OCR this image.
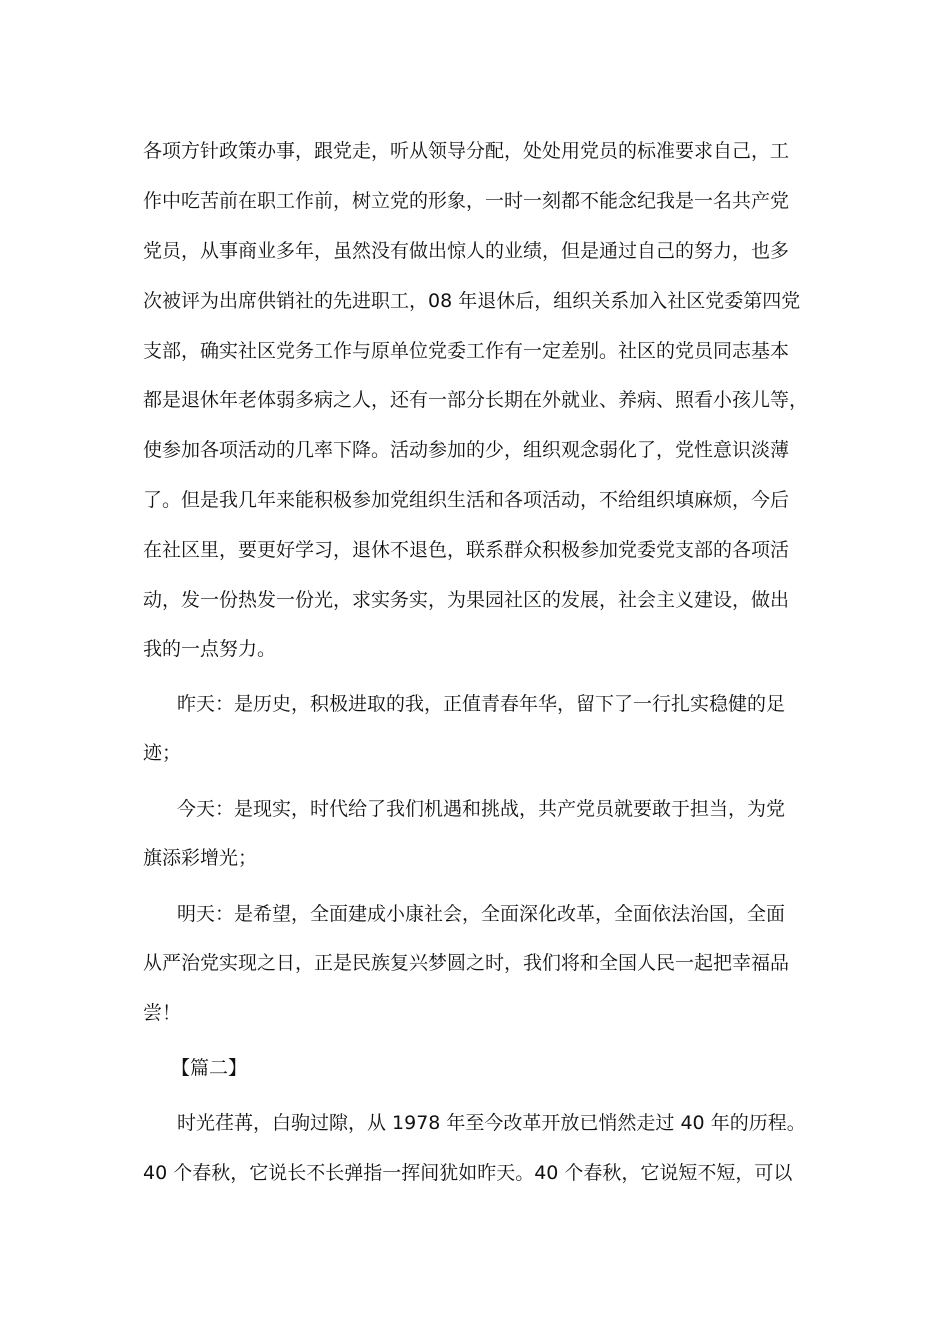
各项方针政策办事，跟党走，听从领导分配，处处用党员的标准要求自己，工
作中吃苦前在职工作前，树立党的形象，一时一刻都不能念纪我是一名共产党
党员，从事商业多年，虽然没有做出惊人的业绩，但是通过自己的努力，也多
次被评为出席供销社的先进职工，08 年退休后，组织关系加入社区党委第四党
支部，确实社区党务工作与原单位党委工作有一定差别。社区的党员同志基本
都是退休年老体弱多病之人，还有一部分长期在外就业、养病、照看小孩儿等，
使参加各项活动的几率下降。活动参加的少，组织观念弱化了，党性意识淡薄
了。但是我几年来能积极参加党组织生活和各项活动，不给组织填麻烦，今后
在社区里，要更好学习，退休不退色，联系群众积极参加党委党支部的各项活
动，发一份热发一份光，求实务实，为果园社区的发展，社会主义建设，做出
我的一点努力。
昨天：是历史，积极进取的我，正值青春年华，留下了一行扎实稳健的足
迹；
今天：是现实，时代给了我们机遇和挑战，共产党员就要敢于担当，为党
旗添彩增光；
明天：是希望，全面建成小康社会，全面深化改革，全面依法治国，全面
从严治党实现之日，正是民族复兴梦圆之时，我们将和全国人民一起把幸福品
尝！
【篇二】
时光荏苒，白驹过隙，从 1978 年至今改革开放已悄然走过 40 年的历程。
40 个春秋，它说长不长弹指一挥间犹如昨天。40 个春秋，它说短不短，可以
